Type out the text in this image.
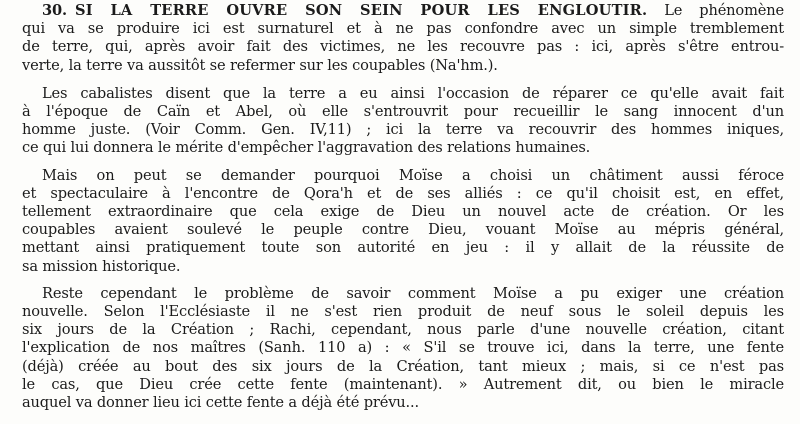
30. SI LA TERRE OUVRE SON SEIN POUR LES ENGLOUTIR. Le phénomène
qui va se produire ici est surnaturel et à ne pas confondre avec un simple tremblement
de terre, qui, après avoir fait des victimes, ne les recouvre pas : ici, après s'être entrou-
verte, la terre va aussitôt se refermer sur les coupables (Na'hm.).
Les cabalistes disent que la terre a eu ainsi l'occasion de réparer ce qu'elle avait fait
à l'époque de Caïn et Abel, où elle s'entrouvrit pour recueillir le sang innocent d'un
homme juste. (Voir Comm. Gen. IV,11) ; ici la terre va recouvrir des hommes iniques,
ce qui lui donnera le mérite d'empêcher l'aggravation des relations humaines.
Mais on peut se demander pourquoi Moïse a choisi un châtiment aussi féroce
et spectaculaire à l'encontre de Qora'h et de ses alliés : ce qu'il choisit est, en effet,
tellement extraordinaire que cela exige de Dieu un nouvel acte de création. Or les
coupables avaient soulevé le peuple contre Dieu, vouant Moïse au mépris général,
mettant ainsi pratiquement toute son autorité en jeu : il y allait de la réussite de
sa mission historique.
Reste cependant le problème de savoir comment Moïse a pu exiger une création
nouvelle. Selon l'Ecclésiaste il ne s'est rien produit de neuf sous le soleil depuis les
six jours de la Création ; Rachi, cependant, nous parle d'une nouvelle création, citant
l'explication de nos maîtres (Sanh. 110 a) : « S'il se trouve ici, dans la terre, une fente
(déjà) créée au bout des six jours de la Création, tant mieux ; mais, si ce n'est pas
le cas, que Dieu crée cette fente (maintenant). » Autrement dit, ou bien le miracle
auquel va donner lieu ici cette fente a déjà été prévu...
